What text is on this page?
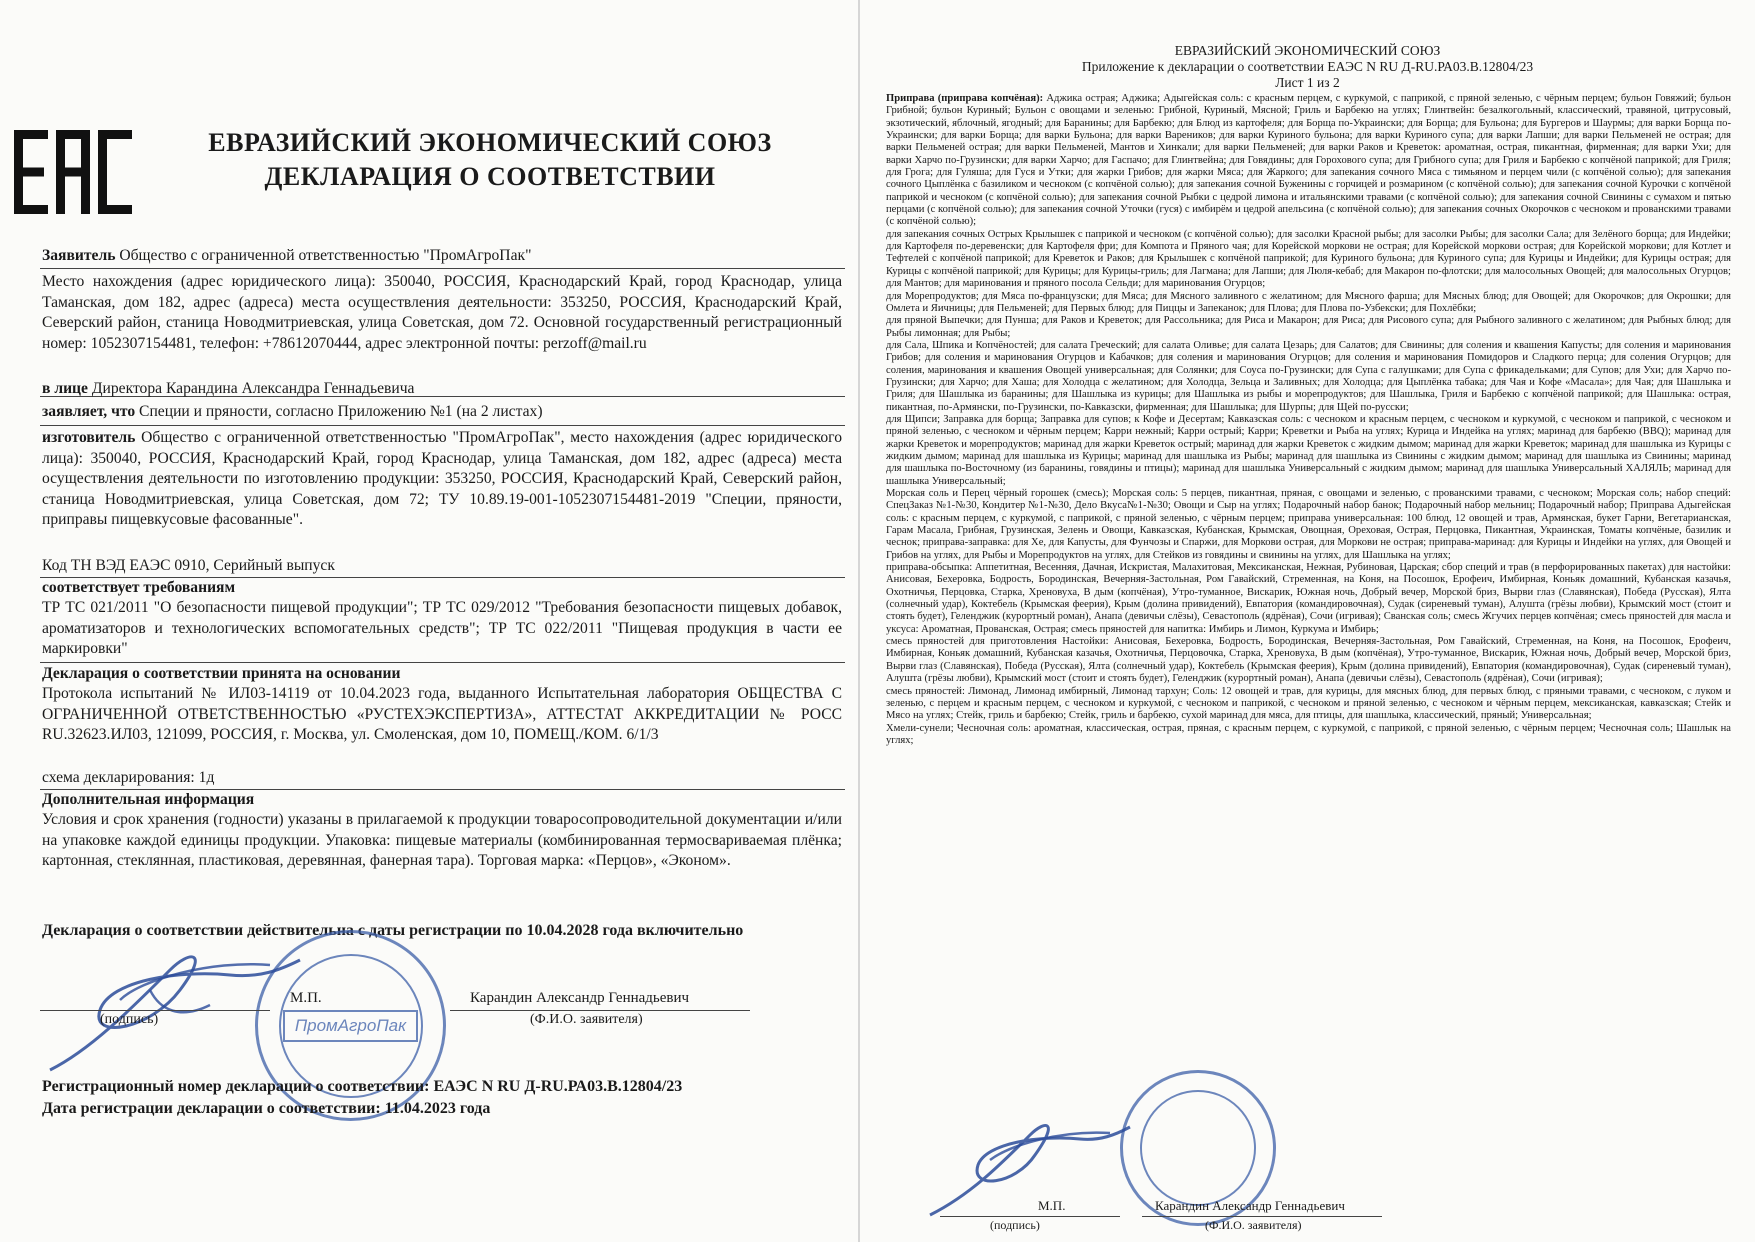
ЕВРАЗИЙСКИЙ ЭКОНОМИЧЕСКИЙ СОЮЗ
ДЕКЛАРАЦИЯ О СООТВЕТСТВИИ
Заявитель Общество с ограниченной ответственностью "ПромАгроПак"
Место нахождения (адрес юридического лица): 350040, РОССИЯ, Краснодарский Край, город Краснодар, улица Таманская, дом 182, адрес (адреса) места осуществления деятельности: 353250, РОССИЯ, Краснодарский Край, Северский район, станица Новодмитриевская, улица Советская, дом 72. Основной государственный регистрационный номер: 1052307154481, телефон: +78612070444, адрес электронной почты: perzoff@mail.ru
в лице Директора Карандина Александра Геннадьевича
заявляет, что Специи и пряности, согласно Приложению №1 (на 2 листах)
изготовитель Общество с ограниченной ответственностью "ПромАгроПак", место нахождения (адрес юридического лица): 350040, РОССИЯ, Краснодарский Край, город Краснодар, улица Таманская, дом 182, адрес (адреса) места осуществления деятельности по изготовлению продукции: 353250, РОССИЯ, Краснодарский Край, Северский район, станица Новодмитриевская, улица Советская, дом 72; ТУ 10.89.19-001-1052307154481-2019 "Специи, пряности, приправы пищевкусовые фасованные".
Код ТН ВЭД ЕАЭС 0910, Серийный выпуск
соответствует требованиям
ТР ТС 021/2011 "О безопасности пищевой продукции"; ТР ТС 029/2012 "Требования безопасности пищевых добавок, ароматизаторов и технологических вспомогательных средств"; ТР ТС 022/2011 "Пищевая продукция в части ее маркировки"
Декларация о соответствии принята на основании
Протокола испытаний № ИЛ03-14119 от 10.04.2023 года, выданного Испытательная лаборатория ОБЩЕСТВА С ОГРАНИЧЕННОЙ ОТВЕТСТВЕННОСТЬЮ «РУСТЕХЭКСПЕРТИЗА», АТТЕСТАТ АККРЕДИТАЦИИ № РОСС RU.32623.ИЛ03, 121099, РОССИЯ, г. Москва, ул. Смоленская, дом 10, ПОМЕЩ./КОМ. 6/1/3
схема декларирования: 1д
Дополнительная информация
Условия и срок хранения (годности) указаны в прилагаемой к продукции товаросопроводительной документации и/или на упаковке каждой единицы продукции. Упаковка: пищевые материалы (комбинированная термосвариваемая плёнка; картонная, стеклянная, пластиковая, деревянная, фанерная тара). Торговая марка: «Перцов», «Эконом».
Декларация о соответствии действительна с даты регистрации по 10.04.2028 года включительно
ПромАгроПак
М.П.	Карандин Александр Геннадьевич
(подпись)	(Ф.И.О. заявителя)
Регистрационный номер декларации о соответствии: ЕАЭС N RU Д-RU.РА03.В.12804/23
Дата регистрации декларации о соответствии: 11.04.2023 года
ЕВРАЗИЙСКИЙ ЭКОНОМИЧЕСКИЙ СОЮЗ
Приложение к декларации о соответствии ЕАЭС N RU Д-RU.РА03.В.12804/23
Лист 1 из 2

Приправа (приправа копчёная): Аджика острая; Аджика; Адыгейская соль: с красным перцем, с куркумой, с паприкой, с пряной зеленью, с чёрным перцем; бульон Говяжий; бульон Грибной; бульон Куриный; Бульон с овощами и зеленью: Грибной, Куриный, Мясной; Гриль и Барбекю на углях; Глинтвейн: безалкогольный, классический, травяной, цитрусовый, экзотический, яблочный, ягодный; для Баранины; для Барбекю; для Блюд из картофеля; для Борща по-Украински; для Борща; для Бульона; для Бургеров и Шаурмы; для варки Борща по-Украински; для варки Борща; для варки Бульона; для варки Вареников; для варки Куриного бульона; для варки Куриного супа; для варки Лапши; для варки Пельменей не острая; для варки Пельменей острая; для варки Пельменей, Мантов и Хинкали; для варки Пельменей; для варки Раков и Креветок: ароматная, острая, пикантная, фирменная; для варки Ухи; для варки Харчо по-Грузински; для варки Харчо; для Гаспачо; для Глинтвейна; для Говядины; для Горохового супа; для Грибного супа; для Гриля и Барбекю с копчёной паприкой; для Гриля; для Грога; для Гуляша; для Гуся и Утки; для жарки Грибов; для жарки Мяса; для Жаркого; для запекания сочного Мяса с тимьяном и перцем чили (с копчёной солью); для запекания сочного Цыплёнка с базиликом и чесноком (с копчёной солью); для запекания сочной Буженины с горчицей и розмарином (с копчёной солью); для запекания сочной Курочки с копчёной паприкой и чесноком (с копчёной солью); для запекания сочной Рыбки с цедрой лимона и итальянскими травами (с копчёной солью); для запекания сочной Свинины с сумахом и пятью перцами (с копчёной солью); для запекания сочной Уточки (гуся) с имбирём и цедрой апельсина (с копчёной солью); для запекания сочных Окорочков с чесноком и прованскими травами (с копчёной солью);

для запекания сочных Острых Крылышек с паприкой и чесноком (с копчёной солью); для засолки Красной рыбы; для засолки Рыбы; для засолки Сала; для Зелёного борща; для Индейки; для Картофеля по-деревенски; для Картофеля фри; для Компота и Пряного чая; для Корейской моркови не острая; для Корейской моркови острая; для Корейской моркови; для Котлет и Тефтелей с копчёной паприкой; для Креветок и Раков; для Крылышек с копчёной паприкой; для Куриного бульона; для Куриного супа; для Курицы и Индейки; для Курицы острая; для Курицы с копчёной паприкой; для Курицы; для Курицы-гриль; для Лагмана; для Лапши; для Люля-кебаб; для Макарон по-флотски; для малосольных Овощей; для малосольных Огурцов; для Мантов; для маринования и пряного посола Сельди; для маринования Огурцов;

для Морепродуктов; для Мяса по-французски; для Мяса; для Мясного заливного с желатином; для Мясного фарша; для Мясных блюд; для Овощей; для Окорочков; для Окрошки; для Омлета и Яичницы; для Пельменей; для Первых блюд; для Пиццы и Запеканок; для Плова; для Плова по-Узбекски; для Похлёбки;

для пряной Выпечки; для Пунша; для Раков и Креветок; для Рассольника; для Риса и Макарон; для Риса; для Рисового супа; для Рыбного заливного с желатином; для Рыбных блюд; для Рыбы лимонная; для Рыбы;

для Сала, Шпика и Копчёностей; для салата Греческий; для салата Оливье; для салата Цезарь; для Салатов; для Свинины; для соления и квашения Капусты; для соления и маринования Грибов; для соления и маринования Огурцов и Кабачков; для соления и маринования Огурцов; для соления и маринования Помидоров и Сладкого перца; для соления Огурцов; для соления, маринования и квашения Овощей универсальная; для Солянки; для Соуса по-Грузински; для Супа с галушками; для Супа с фрикадельками; для Супов; для Ухи; для Харчо по-Грузински; для Харчо; для Хаша; для Холодца с желатином; для Холодца, Зельца и Заливных; для Холодца; для Цыплёнка табака; для Чая и Кофе «Масала»; для Чая; для Шашлыка и Гриля; для Шашлыка из баранины; для Шашлыка из курицы; для Шашлыка из рыбы и морепродуктов; для Шашлыка, Гриля и Барбекю с копчёной паприкой; для Шашлыка: острая, пикантная, по-Армянски, по-Грузински, по-Кавказски, фирменная; для Шашлыка; для Шурпы; для Щей по-русски;

для Щипси; Заправка для борща; Заправка для супов; к Кофе и Десертам; Кавказская соль: с чесноком и красным перцем, с чесноком и куркумой, с чесноком и паприкой, с чесноком и пряной зеленью, с чесноком и чёрным перцем; Карри нежный; Карри острый; Карри; Креветки и Рыба на углях; Курица и Индейка на углях; маринад для барбекю (BBQ); маринад для жарки Креветок и морепродуктов; маринад для жарки Креветок острый; маринад для жарки Креветок с жидким дымом; маринад для жарки Креветок; маринад для шашлыка из Курицы с жидким дымом; маринад для шашлыка из Курицы; маринад для шашлыка из Рыбы; маринад для шашлыка из Свинины с жидким дымом; маринад для шашлыка из Свинины; маринад для шашлыка по-Восточному (из баранины, говядины и птицы); маринад для шашлыка Универсальный с жидким дымом; маринад для шашлыка Универсальный ХАЛЯЛЬ; маринад для шашлыка Универсальный;

Морская соль и Перец чёрный горошек (смесь); Морская соль: 5 перцев, пикантная, пряная, с овощами и зеленью, с прованскими травами, с чесноком; Морская соль; набор специй: СпецЗаказ №1-№30, Кондитер №1-№30, Дело Вкуса№1-№30; Овощи и Сыр на углях; Подарочный набор банок; Подарочный набор мельниц; Подарочный набор; Приправа Адыгейская соль: с красным перцем, с куркумой, с паприкой, с пряной зеленью, с чёрным перцем; приправа универсальная: 100 блюд, 12 овощей и трав, Армянская, букет Гарни, Вегетарианская, Гарам Масала, Грибная, Грузинская, Зелень и Овощи, Кавказская, Кубанская, Крымская, Овощная, Ореховая, Острая, Перцовка, Пикантная, Украинская, Томаты копчёные, базилик и чеснок; приправа-заправка: для Хе, для Капусты, для Фунчозы и Спаржи, для Моркови острая, для Моркови не острая; приправа-маринад: для Курицы и Индейки на углях, для Овощей и Грибов на углях, для Рыбы и Морепродуктов на углях, для Стейков из говядины и свинины на углях, для Шашлыка на углях;

приправа-обсыпка: Аппетитная, Весенняя, Дачная, Искристая, Малахитовая, Мексиканская, Нежная, Рубиновая, Царская; сбор специй и трав (в перфорированных пакетах) для настойки: Анисовая, Бехеровка, Бодрость, Бородинская, Вечерняя-Застольная, Ром Гавайский, Стременная, на Коня, на Посошок, Ерофеич, Имбирная, Коньяк домашний, Кубанская казачья, Охотничья, Перцовка, Старка, Хреновуха, В дым (копчёная), Утро-туманное, Вискарик, Южная ночь, Добрый вечер, Морской бриз, Вырви глаз (Славянская), Победа (Русская), Ялта (солнечный удар), Коктебель (Крымская феерия), Крым (долина привидений), Евпатория (командировочная), Судак (сиреневый туман), Алушта (грёзы любви), Крымский мост (стоит и стоять будет), Геленджик (курортный роман), Анапа (девичьи слёзы), Севастополь (ядрёная), Сочи (игривая); Сванская соль; смесь Жгучих перцев копчёная; смесь пряностей для масла и уксуса: Ароматная, Прованская, Острая; смесь пряностей для напитка: Имбирь и Лимон, Куркума и Имбирь;

смесь пряностей для приготовления Настойки: Анисовая, Бехеровка, Бодрость, Бородинская, Вечерняя-Застольная, Ром Гавайский, Стременная, на Коня, на Посошок, Ерофеич, Имбирная, Коньяк домашний, Кубанская казачья, Охотничья, Перцовочка, Старка, Хреновуха, В дым (копчёная), Утро-туманное, Вискарик, Южная ночь, Добрый вечер, Морской бриз, Вырви глаз (Славянская), Победа (Русская), Ялта (солнечный удар), Коктебель (Крымская феерия), Крым (долина привидений), Евпатория (командировочная), Судак (сиреневый туман), Алушта (грёзы любви), Крымский мост (стоит и стоять будет), Геленджик (курортный роман), Анапа (девичьи слёзы), Севастополь (ядрёная), Сочи (игривая);

смесь пряностей: Лимонад, Лимонад имбирный, Лимонад тархун; Соль: 12 овощей и трав, для курицы, для мясных блюд, для первых блюд, с пряными травами, с чесноком, с луком и зеленью, с перцем и красным перцем, с чесноком и куркумой, с чесноком и паприкой, с чесноком и пряной зеленью, с чесноком и чёрным перцем, мексиканская, кавказская; Стейк и Мясо на углях; Стейк, гриль и барбекю; Стейк, гриль и барбекю, сухой маринад для мяса, для птицы, для шашлыка, классический, пряный; Универсальная;

Хмели-сунели; Чесночная соль: ароматная, классическая, острая, пряная, с красным перцем, с куркумой, с паприкой, с пряной зеленью, с чёрным перцем; Чесночная соль; Шашлык на углях;

М.П.	Карандин Александр Геннадьевич
(подпись)	(Ф.И.О. заявителя)
